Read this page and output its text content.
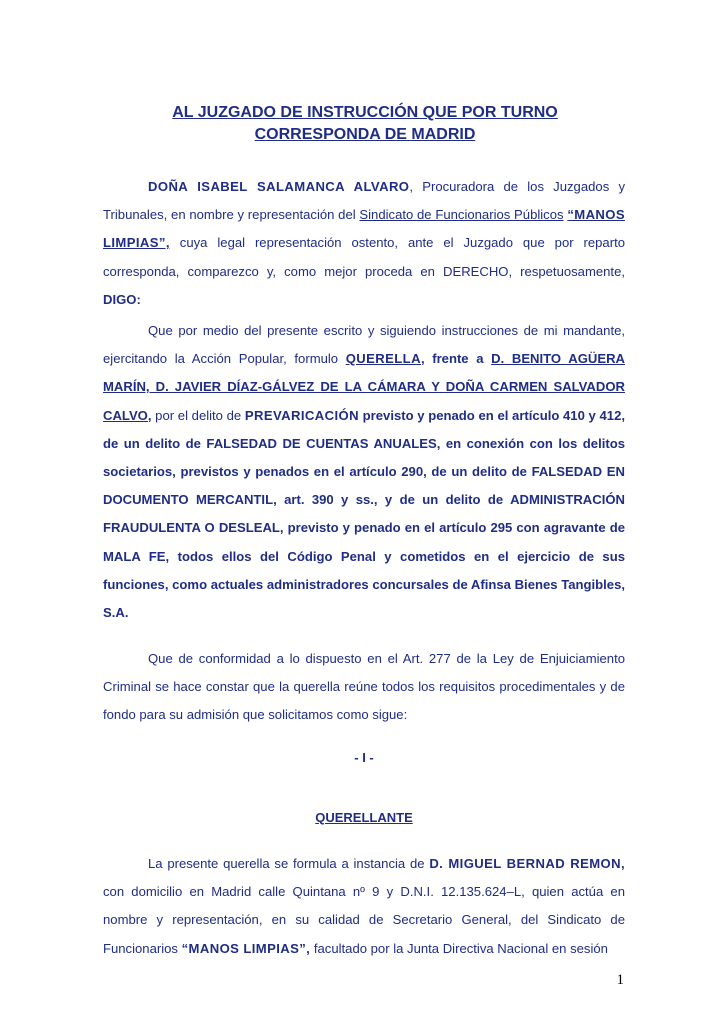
AL JUZGADO DE INSTRUCCIÓN QUE POR TURNO
CORRESPONDA DE MADRID

DOÑA ISABEL SALAMANCA ALVARO, Procuradora de los Juzgados y Tribunales, en nombre y representación del Sindicato de Funcionarios Públicos “MANOS LIMPIAS”, cuya legal representación ostento, ante el Juzgado que por reparto corresponda, comparezco y, como mejor proceda en DERECHO, respetuosamente, DIGO:

Que por medio del presente escrito y siguiendo instrucciones de mi mandante, ejercitando la Acción Popular, formulo QUERELLA, frente a D. BENITO AGÜERA MARÍN, D. JAVIER DÍAZ-GÁLVEZ DE LA CÁMARA Y DOÑA CARMEN SALVADOR CALVO, por el delito de PREVARICACIÓN previsto y penado en el artículo 410 y 412, de un delito de FALSEDAD DE CUENTAS ANUALES, en conexión con los delitos societarios, previstos y penados en el artículo 290, de un delito de FALSEDAD EN DOCUMENTO MERCANTIL, art. 390 y ss., y de un delito de ADMINISTRACIÓN FRAUDULENTA O DESLEAL, previsto y penado en el artículo 295 con agravante de MALA FE, todos ellos del Código Penal y cometidos en el ejercicio de sus funciones, como actuales administradores concursales de Afinsa Bienes Tangibles, S.A.

Que de conformidad a lo dispuesto en el Art. 277 de la Ley de Enjuiciamiento Criminal se hace constar que la querella reúne todos los requisitos procedimentales y de fondo para su admisión que solicitamos como sigue:

- I -
QUERELLANTE

La presente querella se formula a instancia de D. MIGUEL BERNAD REMON, con domicilio en Madrid calle Quintana nº 9 y D.N.I. 12.135.624–L, quien actúa en nombre y representación, en su calidad de Secretario General, del Sindicato de Funcionarios “MANOS LIMPIAS”, facultado por la Junta Directiva Nacional en sesión

1
